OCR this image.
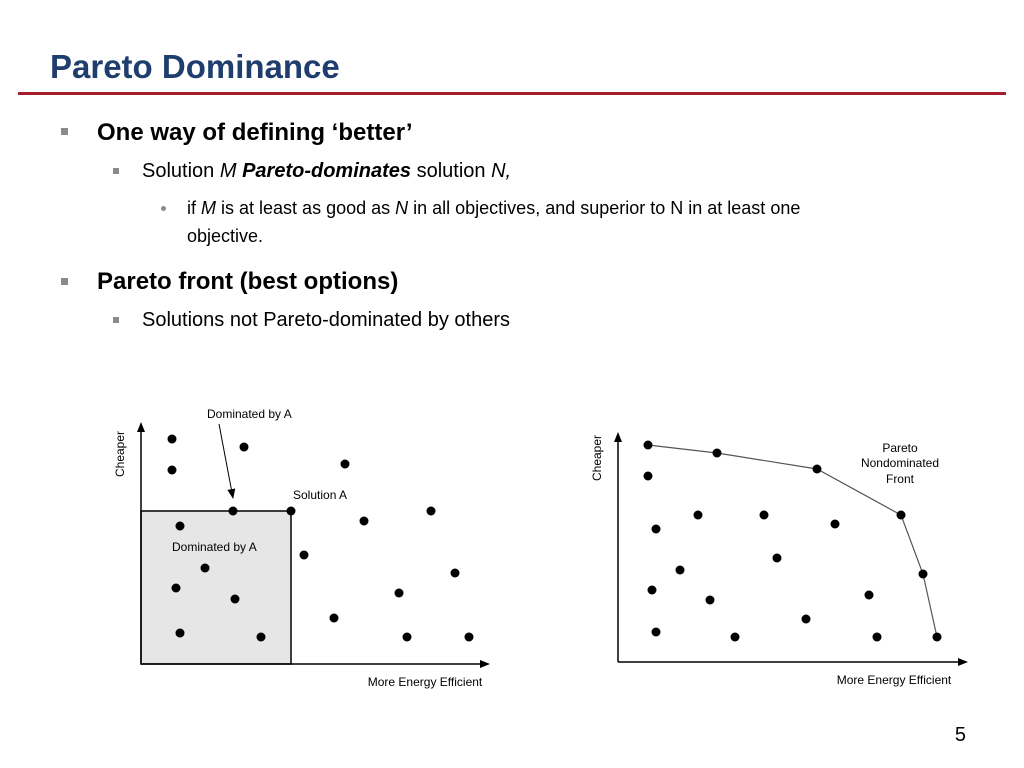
Pareto Dominance
One way of defining ‘better’
Solution M Pareto-dominates solution N,
if M is at least as good as N in all objectives, and superior to N in at least one
objective.
Pareto front (best options)
Solutions not Pareto-dominated by others
Cheaper
More Energy Efficient
Dominated by A
Solution A
Dominated by A
Cheaper
More Energy Efficient
Pareto
Nondominated
Front
5
